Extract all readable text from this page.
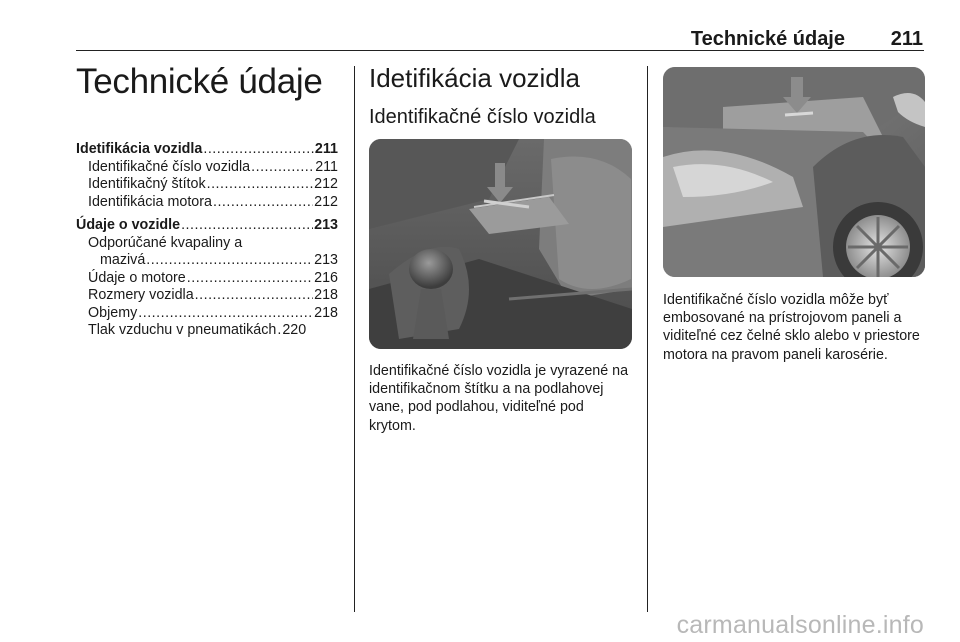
Technické údaje 211
Technické údaje
Idetifikácia vozidla .....	211
Identifikačné číslo vozidla .....	211
Identifikačný štítok .....	212
Identifikácia motora .....	212
Údaje o vozidle .....	213
Odporúčané kvapaliny a
mazivá .....	213
Údaje o motore .....	216
Rozmery vozidla .....	218
Objemy .....	218
Tlak vzduchu v pneumatikách ..... 220
Idetifikácia vozidla
Identifikačné číslo vozidla

Identifikačné číslo vozidla je vyrazené na identifikačnom štítku a na podlahovej vane, pod podlahou, viditeľné pod krytom.

Identifikačné číslo vozidla môže byť embosované na prístrojovom paneli a viditeľné cez čelné sklo alebo v priestore motora na pravom paneli karosérie.

carmanualsonline.info
